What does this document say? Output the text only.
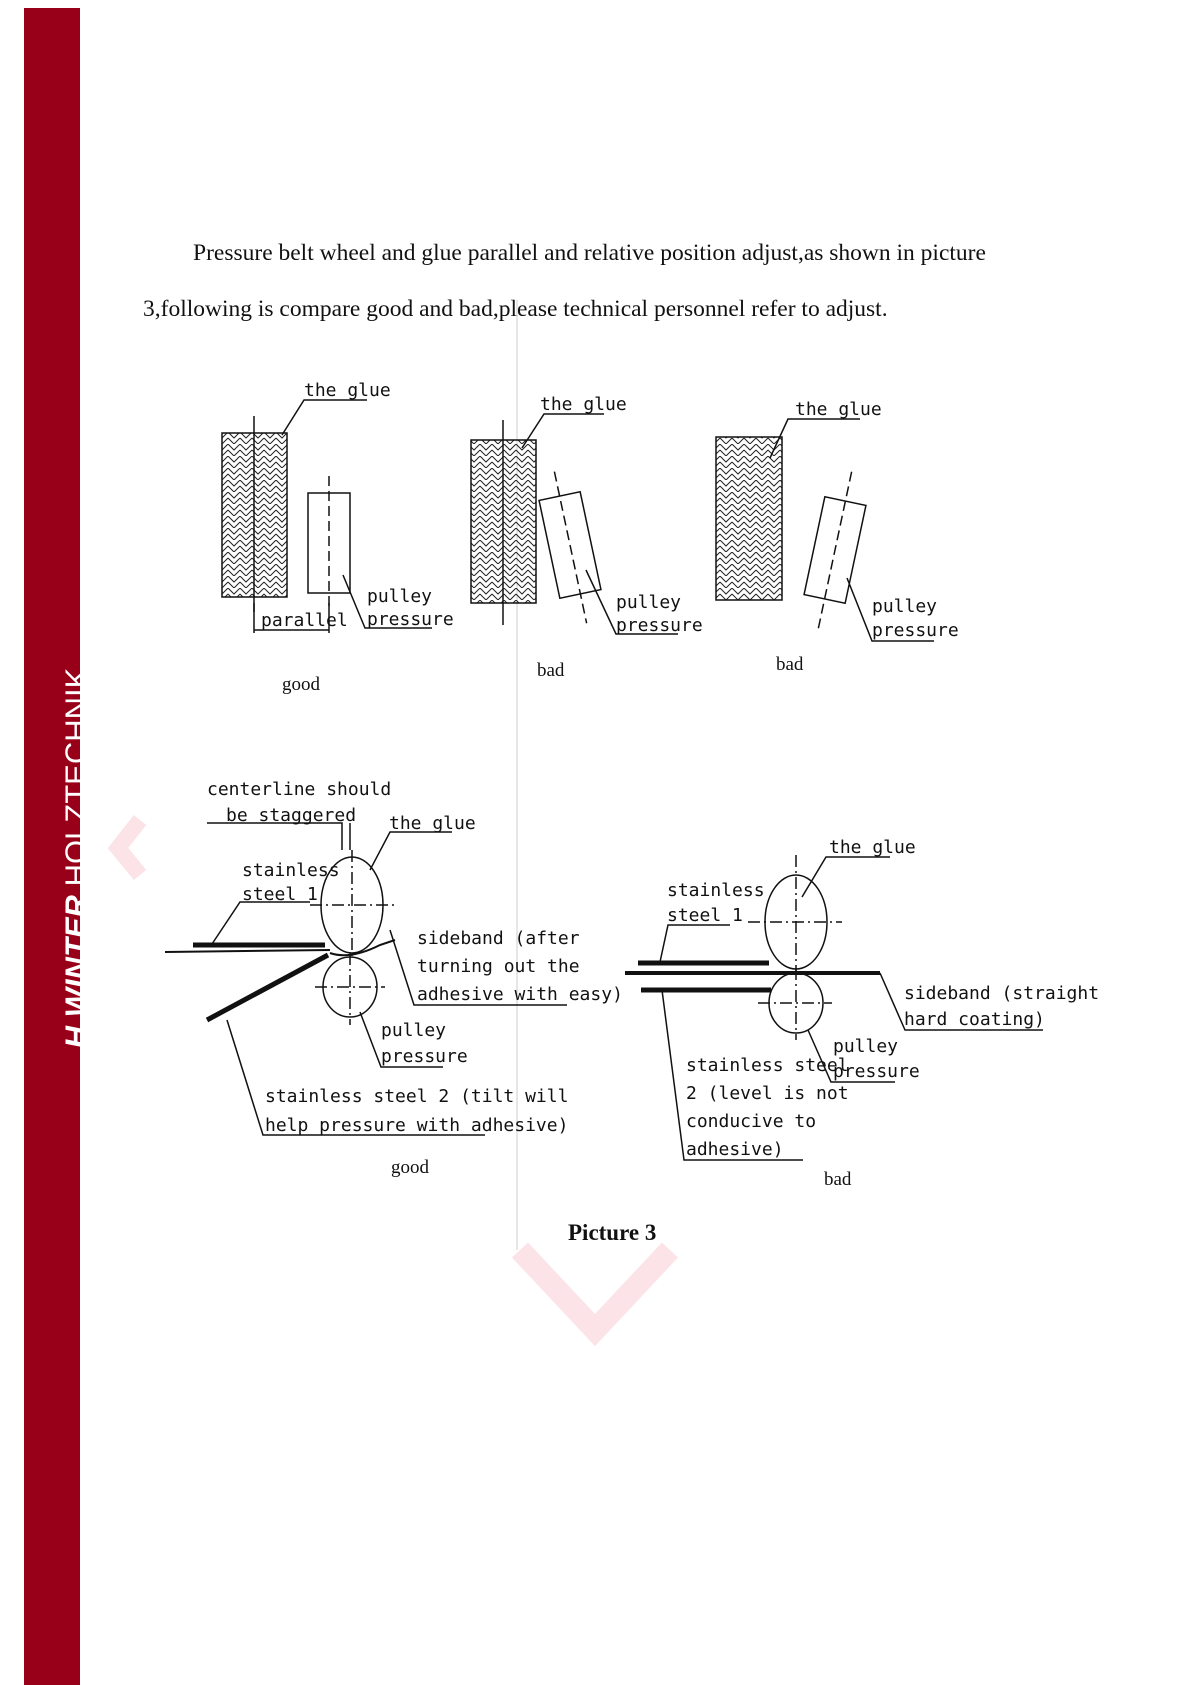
H.WINTER HOLZTECHNIK

Pressure belt wheel and glue parallel and relative position adjust,as shown in picture 3,following is compare good and bad,please technical personnel refer to adjust.

the glue
pulley
pressure
parallel
good
the glue
pulley
pressure
bad
the glue
pulley
pressure
bad
centerline should
be staggered the glue
stainless
steel 1
sideband (after
turning out the
adhesive with easy)
pulley
pressure
stainless steel 2 (tilt will
help pressure with adhesive)
good
the glue
stainless
steel 1
sideband (straight
hard coating)
pulley
pressure
stainless steel
2 (level is not
conducive to
adhesive)
bad
Picture 3
